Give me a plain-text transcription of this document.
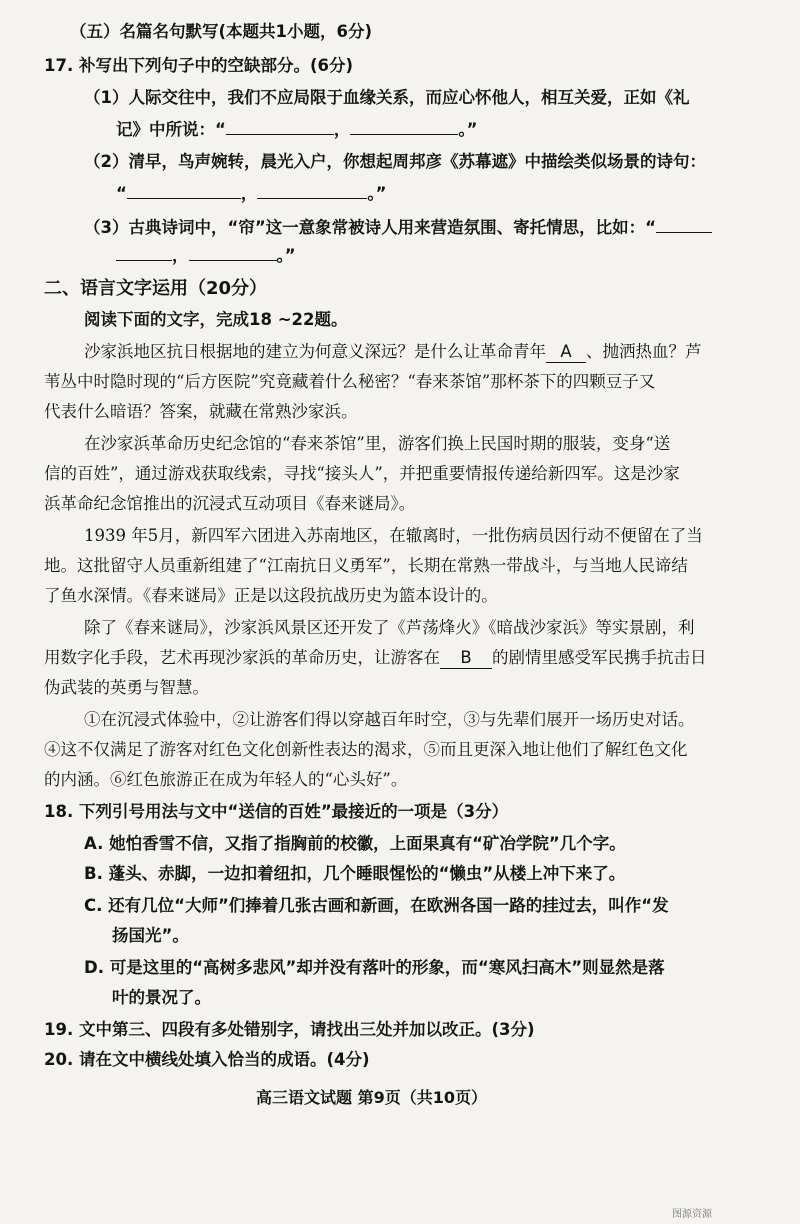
（五）名篇名句默写(本题共1小题，6分)
17. 补写出下列句子中的空缺部分。(6分)
（1）人际交往中，我们不应局限于血缘关系，而应心怀他人，相互关爱，正如《礼
记》中所说：“	，	。”
（2）清早，鸟声婉转，晨光入户，你想起周邦彦《苏幕遮》中描绘类似场景的诗句：
“	，	。”
（3）古典诗词中，“帘”这一意象常被诗人用来营造氛围、寄托情思，比如：“
，	。”
二、语言文字运用（20分）
阅读下面的文字，完成18 ~22题。
沙家浜地区抗日根据地的建立为何意义深远？是什么让革命青年 A 、抛洒热血？芦
苇丛中时隐时现的“后方医院”究竟藏着什么秘密？“春来茶馆”那杯茶下的四颗豆子又
代表什么暗语？答案，就藏在常熟沙家浜。
在沙家浜革命历史纪念馆的“春来茶馆”里，游客们换上民国时期的服装，变身“送
信的百姓”，通过游戏获取线索，寻找“接头人”，并把重要情报传递给新四军。这是沙家
浜革命纪念馆推出的沉浸式互动项目《春来谜局》。
1939 年5月，新四军六团进入苏南地区，在辙离时，一批伤病员因行动不便留在了当
地。这批留守人员重新组建了“江南抗日义勇军”，长期在常熟一带战斗，与当地人民谛结
了鱼水深情。《春来谜局》正是以这段抗战历史为篮本设计的。
除了《春来谜局》，沙家浜风景区还开发了《芦荡烽火》《暗战沙家浜》等实景剧，利
用数字化手段，艺术再现沙家浜的革命历史，让游客在 B 的剧情里感受军民携手抗击日
伪武装的英勇与智慧。
①在沉浸式体验中，②让游客们得以穿越百年时空，③与先辈们展开一场历史对话。
④这不仅满足了游客对红色文化创新性表达的渴求，⑤而且更深入地让他们了解红色文化
的内涵。⑥红色旅游正在成为年轻人的“心头好”。
18. 下列引号用法与文中“送信的百姓”最接近的一项是（3分）
A. 她怕香雪不信，又指了指胸前的校徽，上面果真有“矿冶学院”几个字。
B. 蓬头、赤脚，一边扣着纽扣，几个睡眼惺忪的“懒虫”从楼上冲下来了。
C. 还有几位“大师”们捧着几张古画和新画，在欧洲各国一路的挂过去，叫作“发
扬国光”。
D. 可是这里的“高树多悲风”却并没有落叶的形象，而“寒风扫高木”则显然是落
叶的景况了。
19. 文中第三、四段有多处错别字，请找出三处并加以改正。(3分)
20. 请在文中横线处填入恰当的成语。(4分)
高三语文试题 第9页（共10页）
图源资源
